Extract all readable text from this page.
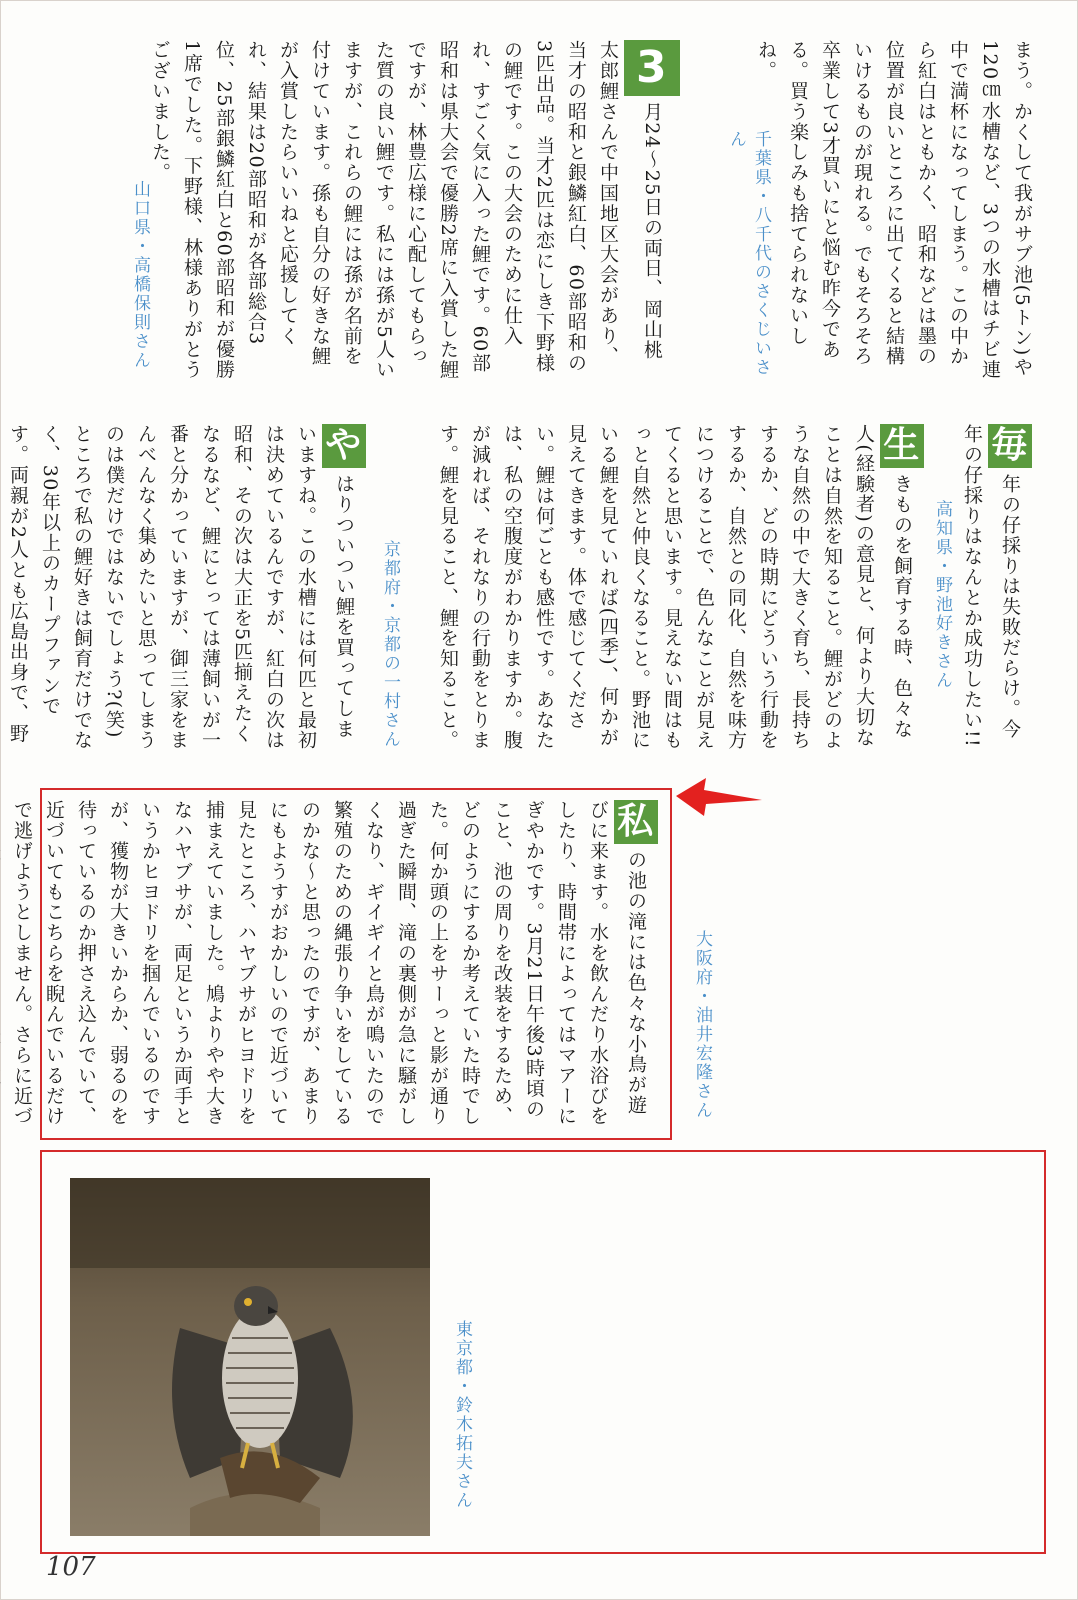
まう。かくして我がサブ池(5トン)や120㎝水槽など、3つの水槽はチビ連中で満杯になってしまう。この中から紅白はともかく、昭和などは墨の位置が良いところに出てくると結構いけるものが現れる。でもそろそろ卒業して3才買いにと悩む昨今である。買う楽しみも捨てられないしね。
千葉県・八千代のさくじいさん
3月24～25日の両日、岡山桃太郎鯉さんで中国地区大会があり、当才の昭和と銀鱗紅白、60部昭和の3匹出品。当才2匹は恋にしき下野様の鯉です。この大会のために仕入れ、すごく気に入った鯉です。60部昭和は県大会で優勝2席に入賞した鯉ですが、林豊広様に心配してもらった質の良い鯉です。私には孫が5人いますが、これらの鯉には孫が名前を付けています。孫も自分の好きな鯉が入賞したらいいねと応援してくれ、結果は20部昭和が各部総合3位、25部銀鱗紅白と60部昭和が優勝1席でした。下野様、林様ありがとうございました。
山口県・高橋保則さん
毎年の仔採りは失敗だらけ。今年の仔採りはなんとか成功したい!!
高知県・野池好きさん
生きものを飼育する時、色々な人(経験者)の意見と、何より大切なことは自然を知ること。鯉がどのような自然の中で大きく育ち、長持ちするか、どの時期にどういう行動をするか、自然との同化、自然を味方につけることで、色んなことが見えてくると思います。見えない間はもっと自然と仲良くなること。野池にいる鯉を見ていれば(四季)、何かが見えてきます。体で感じてください。鯉は何ごとも感性です。あなたは、私の空腹度がわかりますか。腹が減れば、それなりの行動をとります。鯉を見ること、鯉を知ること。
京都府・京都の一村さん
やはりついつい鯉を買ってしまいますね。この水槽には何匹と最初は決めているんですが、紅白の次は昭和、その次は大正を5匹揃えたくなるなど、鯉にとっては薄飼いが一番と分かっていますが、御三家をまんべんなく集めたいと思ってしまうのは僕だけではないでしょう?(笑)ところで私の鯉好きは飼育だけでなく、30年以上のカープファンです。両親が2人とも広島出身で、野
大阪府・油井宏隆さん
私の池の滝には色々な小鳥が遊びに来ます。水を飲んだり水浴びをしたり、時間帯によってはマアーにぎやかです。3月21日午後3時頃のこと、池の周りを改装をするため、どのようにするか考えていた時でした。何か頭の上をサーっと影が通り過ぎた瞬間、滝の裏側が急に騒がしくなり、ギイギイと鳥が鳴いたので繁殖のための縄張り争いをしているのかな～と思ったのですが、あまりにもようすがおかしいので近づいて見たところ、ハヤブサがヒヨドリを捕まえていました。鳩よりやや大きなハヤブサが、両足というか両手というかヒヨドリを掴んでいるのですが、獲物が大きいからか、弱るのを待っているのか押さえ込んでいて、近づいてもこちらを睨んでいるだけで逃げようとしません。さらに近づ
東京都・鈴木拓夫さん
107
